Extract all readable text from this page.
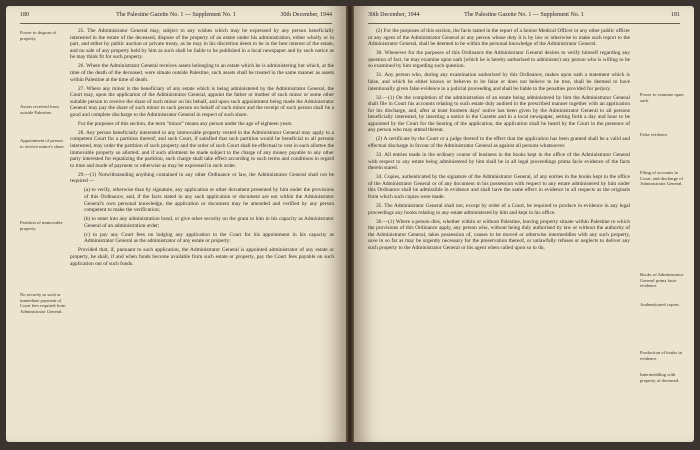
180	The Palestine Gazette No. 1 — Supplement No. 1	30th December, 1944
Power to dispose of property.
Assets received from outside Palestine.
Appointment of person to receive minor's share.
Partition of immovable property.
No security as such or immediate payment of Court fees required from Administrator General.

25. The Administrator General may, subject to any wishes which may be expressed by any person beneficially interested in the estate of the deceased, dispose of the property of an estate under his administration, either wholly or in part, and either by public auction or private treaty, as he may in his discretion deem to be in the best interest of the estate, and no sale of any property held by him as such shall be liable to be published in a local newspaper and by such notice as he may think fit for such property.

26. Where the Administrator General receives assets belonging to an estate which he is administering but which, at the time of the death of the deceased, were situate outside Palestine, such assets shall be treated in the same manner as assets within Palestine at the time of death.

27. Where any minor is the beneficiary of any estate which is being administered by the Administrator General, the Court may, upon the application of the Administrator General, appoint the father or mother of such minor or some other suitable person to receive the share of such minor on his behalf, and upon such appointment being made the Administrator General may pay the share of such minor to such person on behalf of such minor and the receipt of such person shall be a good and complete discharge to the Administrator General in respect of such share.

For the purposes of this section, the term "minor" means any person under the age of eighteen years.

28. Any person beneficially interested in any immovable property vested in the Administrator General may apply to a competent Court for a partition thereof; and such Court, if satisfied that such partition would be beneficial to all persons interested, may order the partition of such property and the order of such Court shall be effectual to vest in each allottee the immovable property so allotted; and if such allotment be made subject to the charge of any money payable to any other party interested for equalizing the partition, such charge shall take effect according to such terms and conditions in regard to time and mode of payment or otherwise as may be expressed in such order.

29.—(1) Notwithstanding anything contained in any other Ordinance or law, the Administrator General shall not be required —

(a) to verify, otherwise than by signature, any application or other document presented by him under the provisions of this Ordinance, and, if the facts stated in any such application or document are not within the Administrator General's own personal knowledge, the application or document may be amended and verified by any person competent to make the verification;

(b) to enter into any administration bond, or give other security on the grant to him in his capacity as Administrator General of an administration order;

(c) to pay any Court fees on lodging any application to the Court for his appointment in his capacity as Administrator General as the administrator of any estate or property:

Provided that, if, pursuant to such application, the Administrator General is appointed administrator of any estate or property, he shall, if and when funds become available from such estate or property, pay the Court fees payable on such application out of such funds.

30th December, 1944	The Palestine Gazette No. 1 — Supplement No. 1	181
Power to examine upon oath.
False evidence.
Filing of accounts in Court, and discharge of Administrator General.
Books of Administrator General prima facie evidence.
Authenticated copies.
Production of books in evidence.
Intermeddling with property of deceased.

(2) For the purposes of this section, the facts stated in the report of a Senior Medical Officer or any other public officer or any agent of the Administrator General or any person whose duty it is by law or otherwise to make such report to the Administrator General, shall be deemed to be within the personal knowledge of the Administrator General.

30. Whenever for the purposes of this Ordinance the Administrator General desires to verify himself regarding any question of fact, he may examine upon oath (which he is hereby authorised to administer) any person who is willing to be so examined by him regarding such question.

31. Any person who, during any examination authorised by this Ordinance, makes upon oath a statement which is false, and which he either knows or believes to be false or does not believe to be true, shall be deemed to have intentionally given false evidence in a judicial proceeding and shall be liable to the penalties provided for perjury.

32.—(1) On the completion of the administration of an estate being administered by him the Administrator General shall file in Court his accounts relating to such estate duly audited in the prescribed manner together with an application for his discharge, and, after at least fourteen days' notice has been given by the Administrator General to all persons beneficially interested, by inserting a notice in the Gazette and in a local newspaper, setting forth a day and hour to be appointed by the Court for the hearing of the application, the application shall be heard by the Court in the presence of any person who may attend thereat.

(2) A certificate by the Court or a judge thereof to the effect that the application has been granted shall be a valid and effectual discharge in favour of the Administrator General as against all persons whatsoever.

33. All entries made in the ordinary course of business in the books kept in the office of the Administrator General with respect to any estate being administered by him shall be in all legal proceedings prima facie evidence of the facts therein stated.

34. Copies, authenticated by the signature of the Administrator General, of any entries in the books kept in the office of the Administrator General or of any document in his possession with respect to any estate administered by him under this Ordinance shall be admissible in evidence and shall have the same effect in evidence in all respects as the originals from which such copies were made.

35. The Administrator General shall not, except by order of a Court, be required to produce in evidence in any legal proceedings any books relating to any estate administered by him and kept in his office.

36.—(1) Where a person dies, whether within or without Palestine, leaving property situate within Palestine to which the provisions of this Ordinance apply, any person who, without being duly authorised by law or without the authority of the Administrator General, takes possession of, causes to be moved or otherwise intermeddles with any such property, save in so far as may be urgently necessary for the preservation thereof, or unlawfully refuses or neglects to deliver any such property to the Administrator General or his agent when called upon so to do,
